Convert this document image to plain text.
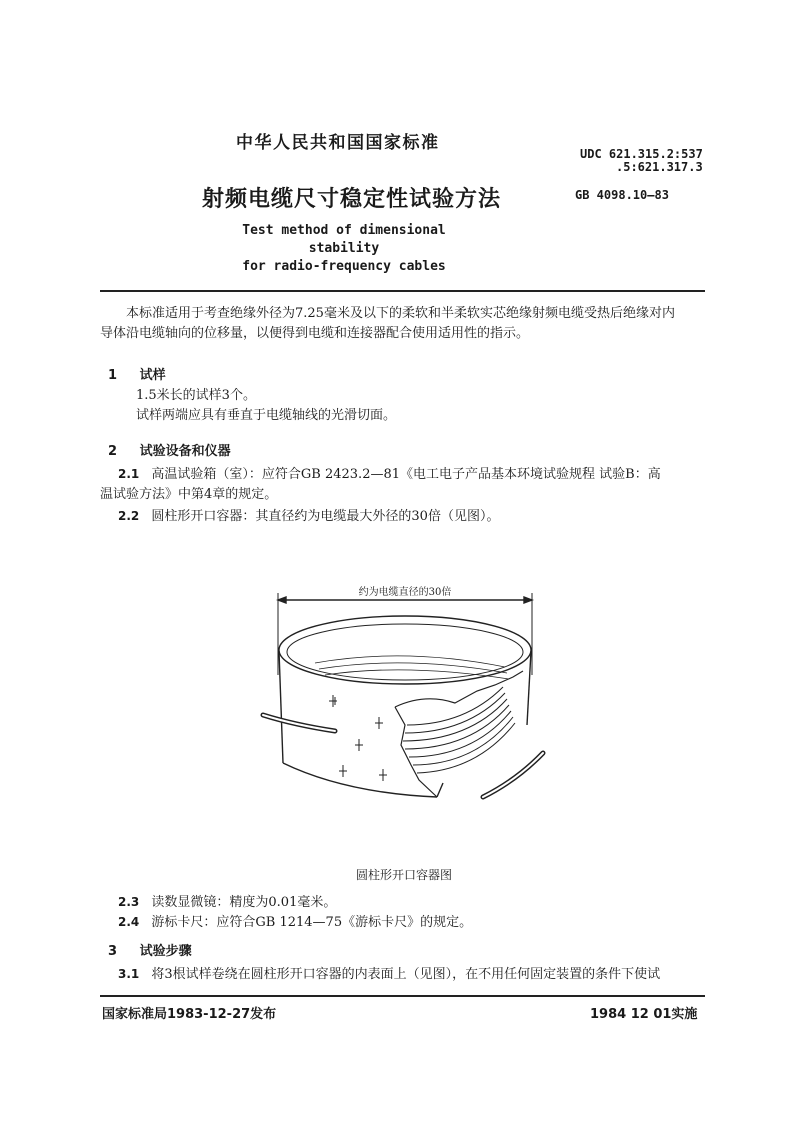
中华人民共和国国家标准
UDC 621.315.2:537
.5:621.317.3
射频电缆尺寸稳定性试验方法	GB 4098.10—83
Test method of dimensional stability
for radio-frequency cables
本标准适用于考查绝缘外径为7.25毫米及以下的柔软和半柔软实芯绝缘射频电缆受热后绝缘对内
导体沿电缆轴向的位移量，以便得到电缆和连接器配合使用适用性的指示。
1 试样
1.5米长的试样3个。
试样两端应具有垂直于电缆轴线的光滑切面。
2 试验设备和仪器
2.1 高温试验箱（室）：应符合GB 2423.2—81《电工电子产品基本环境试验规程 试验B：高
温试验方法》中第4章的规定。
2.2 圆柱形开口容器：其直径约为电缆最大外径的30倍（见图）。
约为电缆直径的30倍
圆柱形开口容器图
2.3 读数显微镜：精度为0.01毫米。
2.4 游标卡尺：应符合GB 1214—75《游标卡尺》的规定。
3 试验步骤
3.1 将3根试样卷绕在圆柱形开口容器的内表面上（见图），在不用任何固定装置的条件下使试
国家标准局1983-12-27发布	1984 12 01实施
